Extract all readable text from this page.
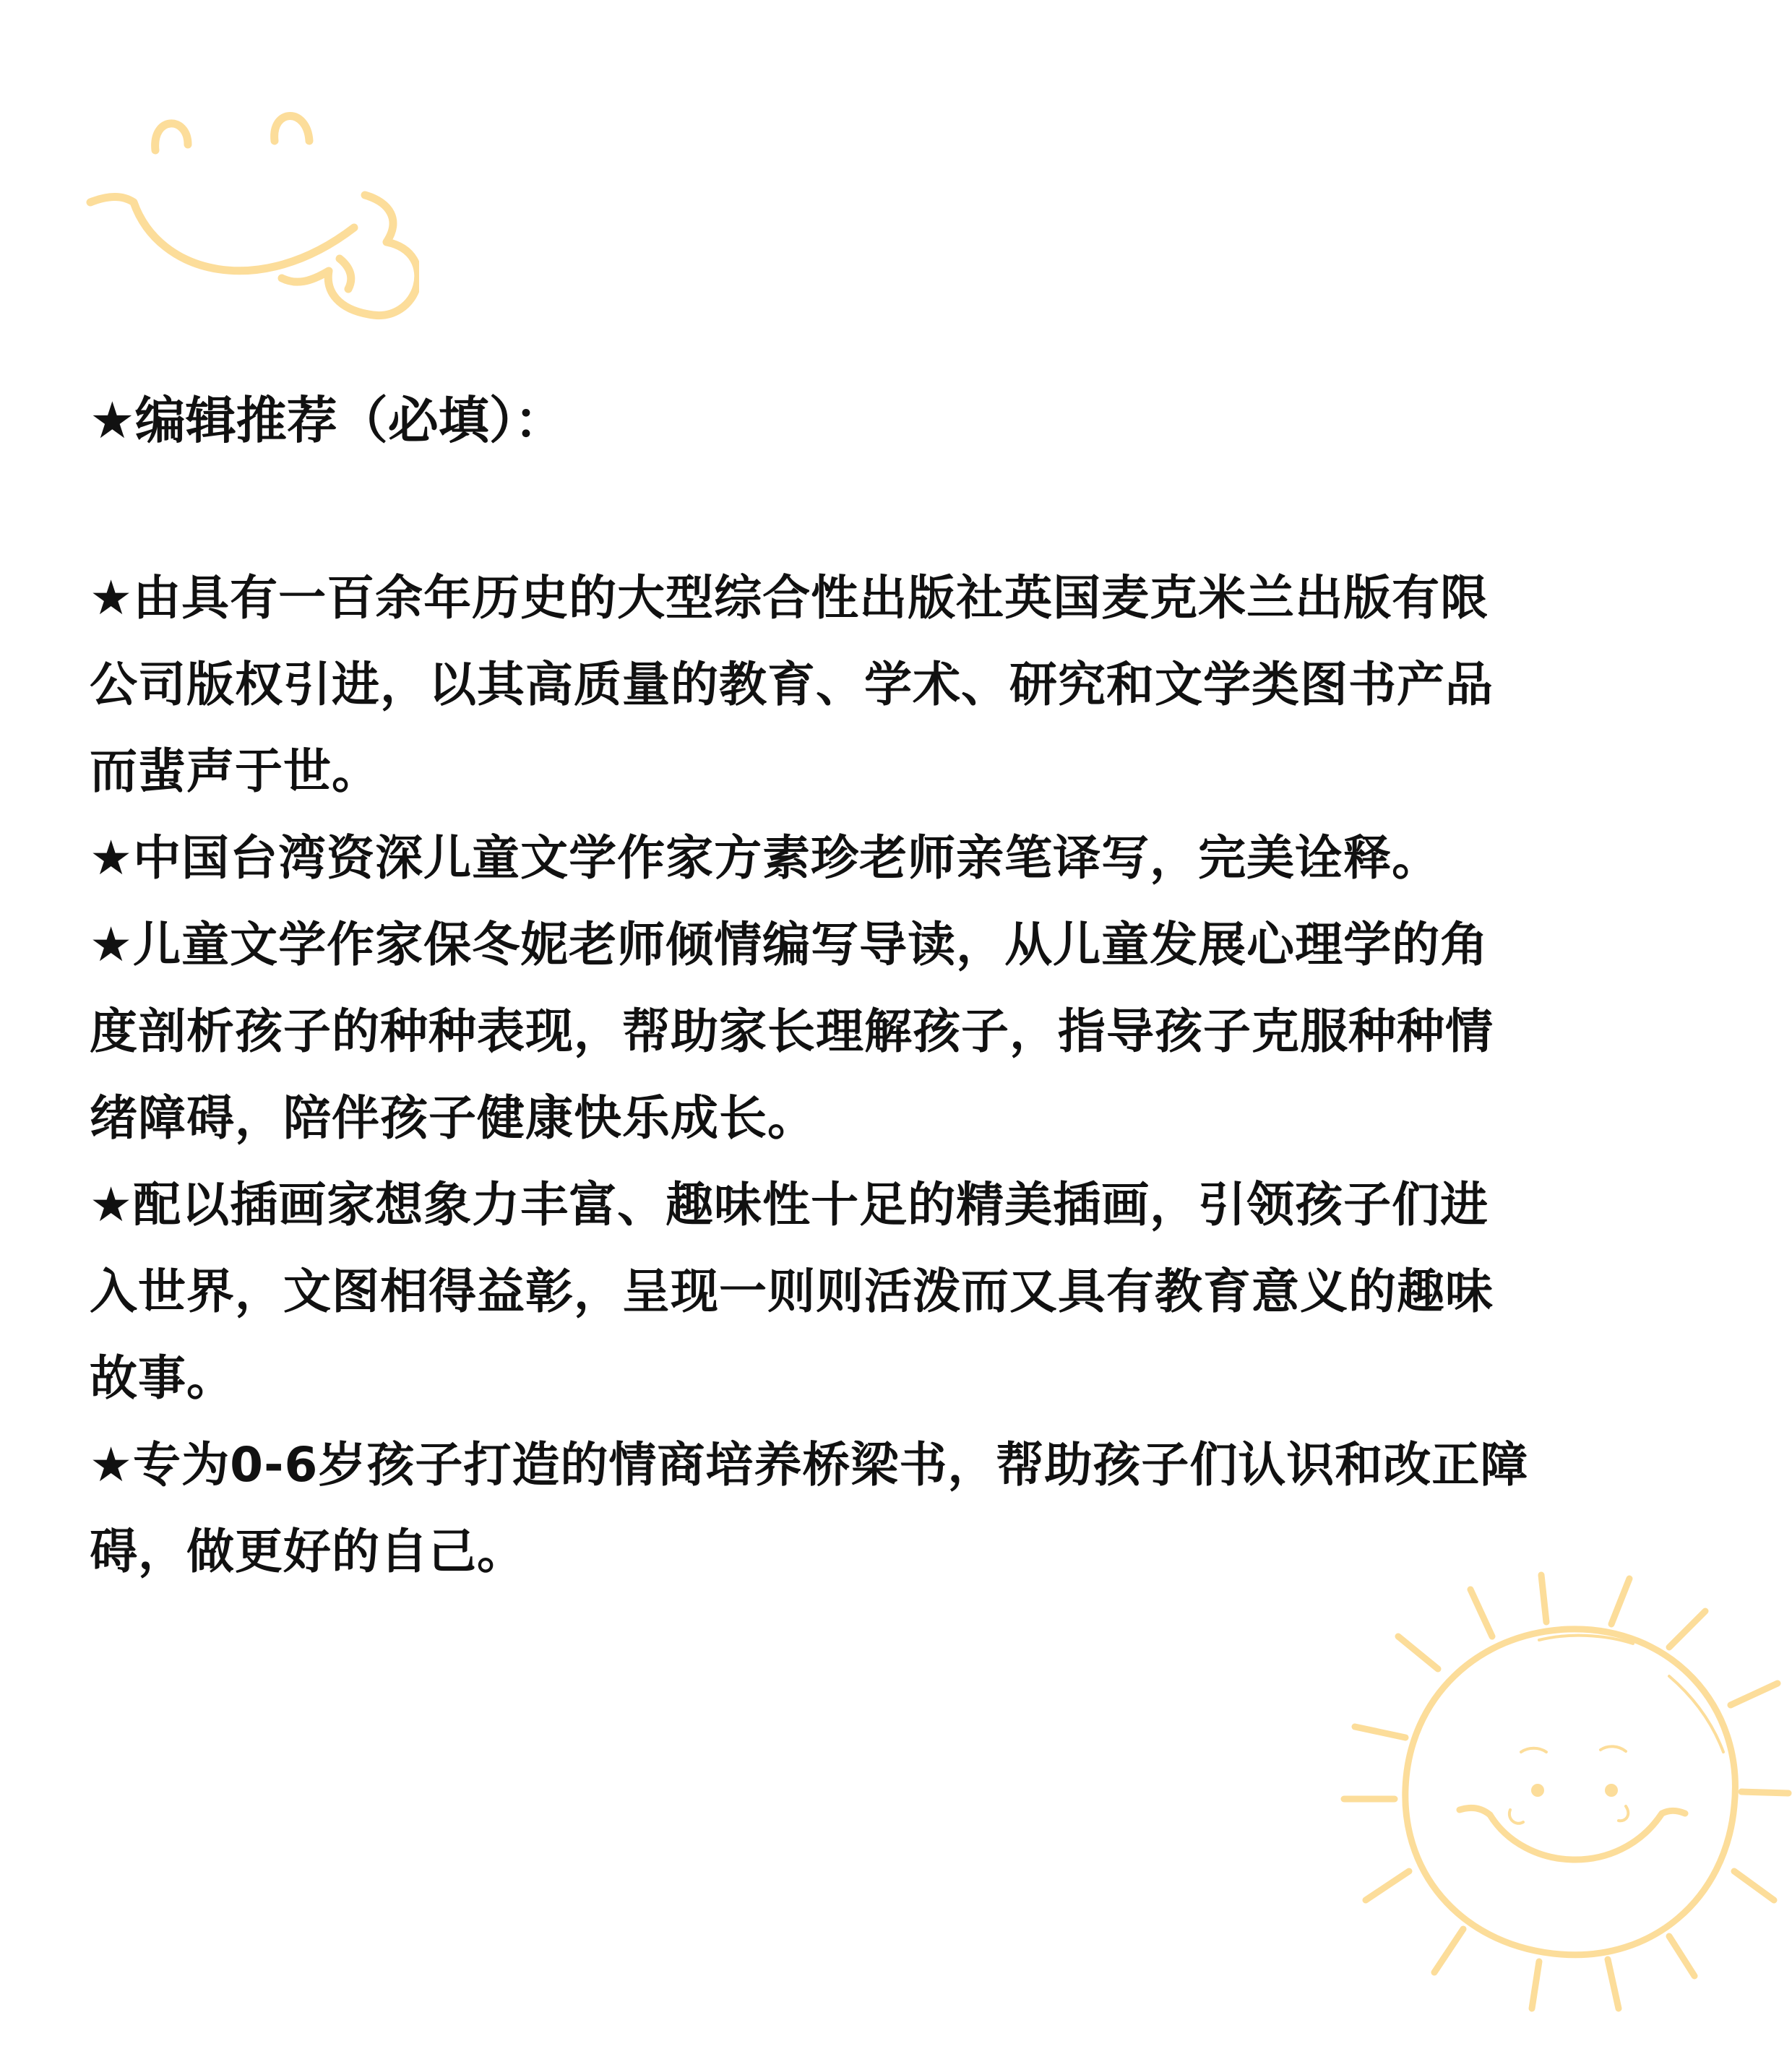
★编辑推荐（必填）：
★由具有一百余年历史的大型综合性出版社英国麦克米兰出版有限
公司版权引进，以其高质量的教育、学术、研究和文学类图书产品
而蜚声于世。
★中国台湾资深儿童文学作家方素珍老师亲笔译写，完美诠释。
★儿童文学作家保冬妮老师倾情编写导读，从儿童发展心理学的角
度剖析孩子的种种表现，帮助家长理解孩子，指导孩子克服种种情
绪障碍，陪伴孩子健康快乐成长。
★配以插画家想象力丰富、趣味性十足的精美插画，引领孩子们进
入世界，文图相得益彰，呈现一则则活泼而又具有教育意义的趣味
故事。
★专为0-6岁孩子打造的情商培养桥梁书，帮助孩子们认识和改正障
碍，做更好的自己。
